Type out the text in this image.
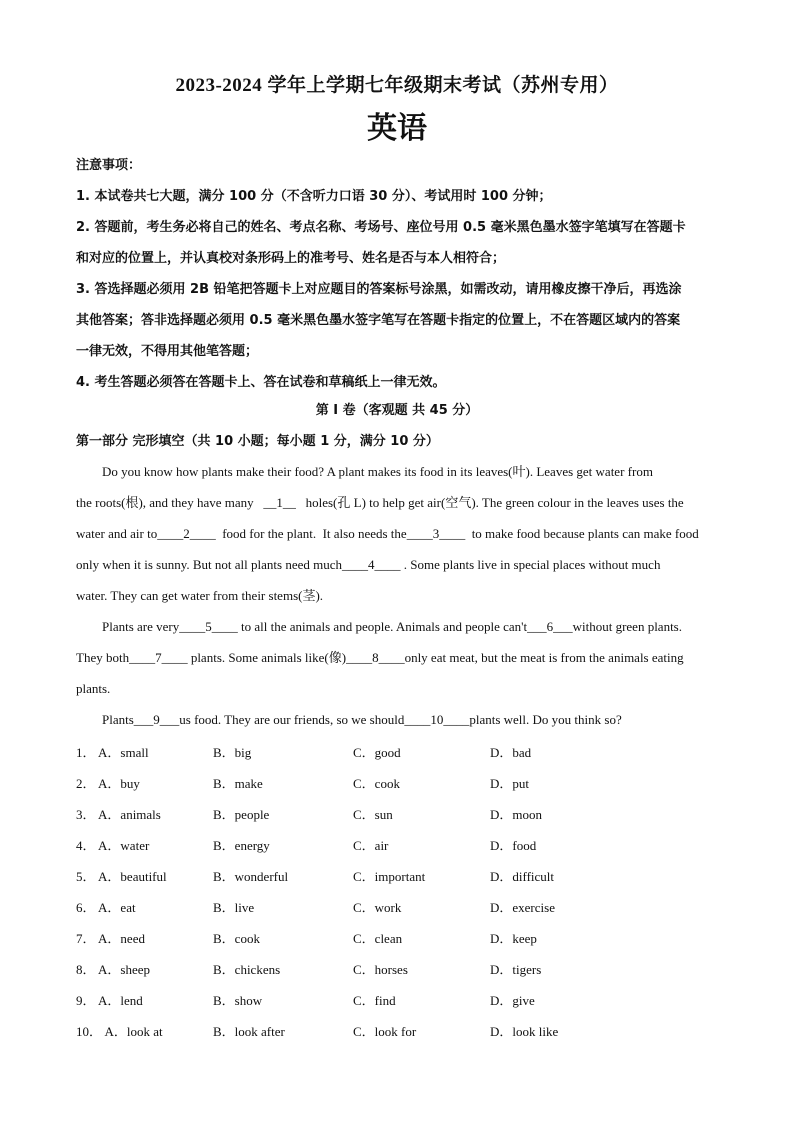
2023-2024 学年上学期七年级期末考试（苏州专用）
英语
注意事项：
1. 本试卷共七大题，满分 100 分（不含听力口语 30 分）、考试用时 100 分钟；
2. 答题前，考生务必将自己的姓名、考点名称、考场号、座位号用 0.5 毫米黑色墨水签字笔填写在答题卡
和对应的位置上，并认真校对条形码上的准考号、姓名是否与本人相符合；
3. 答选择题必须用 2B 铅笔把答题卡上对应题目的答案标号涂黑，如需改动，请用橡皮擦干净后，再选涂
其他答案；答非选择题必须用 0.5 毫米黑色墨水签字笔写在答题卡指定的位置上，不在答题区域内的答案
一律无效，不得用其他笔答题；
4. 考生答题必须答在答题卡上、答在试卷和草稿纸上一律无效。
第 I 卷（客观题 共 45 分）
第一部分 完形填空（共 10 小题；每小题 1 分，满分 10 分）
Do you know how plants make their food? A plant makes its food in its leaves(叶). Leaves get water from
the roots(根), and they have many   __1__   holes(孔 L) to help get air(空气). The green colour in the leaves uses the
water and air to____2____  food for the plant.  It also needs the____3____  to make food because plants can make food
only when it is sunny. But not all plants need much____4____ . Some plants live in special places without much
water. They can get water from their stems(茎).
Plants are very____5____ to all the animals and people. Animals and people can't___6___without green plants.
They both____7____ plants. Some animals like(像)____8____only eat meat, but the meat is from the animals eating
plants.
Plants___9___us food. They are our friends, so we should____10____plants well. Do you think so?
1． A．small	B．big	C．good	D．bad
2． A．buy	B．make	C．cook	D．put
3． A．animals	B．people	C．sun	D．moon
4． A．water	B．energy	C．air	D．food
5． A．beautiful	B．wonderful	C．important	D．difficult
6． A．eat	B．live	C．work	D．exercise
7． A．need	B．cook	C．clean	D．keep
8． A．sheep	B．chickens	C．horses	D．tigers
9． A．lend	B．show	C．find	D．give
10． A．look at	B．look after	C．look for	D．look like
